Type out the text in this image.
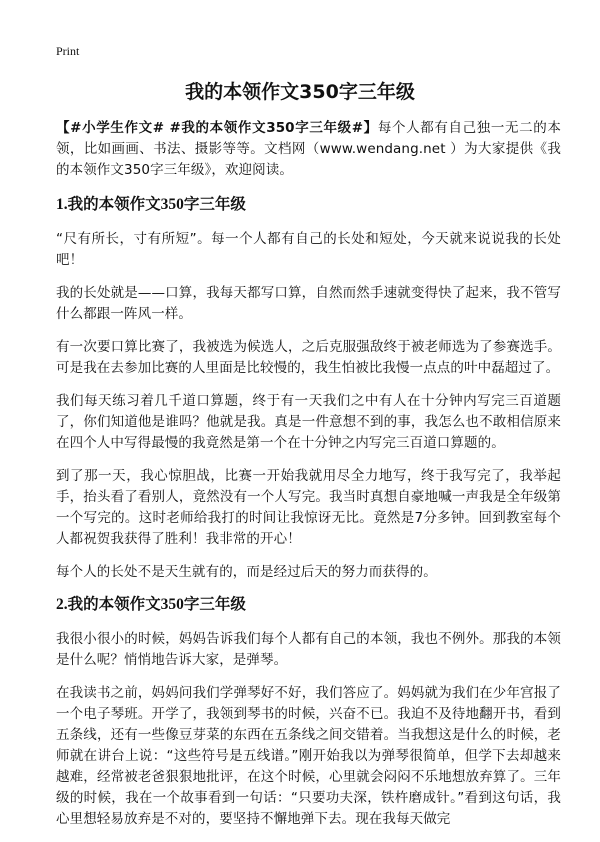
Print
我的本领作文350字三年级

【#小学生作文# #我的本领作文350字三年级#】每个人都有自己独一无二的本领，比如画画、书法、摄影等等。文档网（www.wendang.net ）为大家提供《我的本领作文350字三年级》，欢迎阅读。

1.我的本领作文350字三年级

“尺有所长，寸有所短”。每一个人都有自己的长处和短处，今天就来说说我的长处吧！

我的长处就是——口算，我每天都写口算，自然而然手速就变得快了起来，我不管写什么都跟一阵风一样。

有一次要口算比赛了，我被选为候选人，之后克服强敌终于被老师选为了参赛选手。可是我在去参加比赛的人里面是比较慢的，我生怕被比我慢一点点的叶中磊超过了。

我们每天练习着几千道口算题，终于有一天我们之中有人在十分钟内写完三百道题了，你们知道他是谁吗？他就是我。真是一件意想不到的事，我怎么也不敢相信原来在四个人中写得最慢的我竟然是第一个在十分钟之内写完三百道口算题的。

到了那一天，我心惊胆战，比赛一开始我就用尽全力地写，终于我写完了，我举起手，抬头看了看别人，竟然没有一个人写完。我当时真想自豪地喊一声我是全年级第一个写完的。这时老师给我打的时间让我惊讶无比。竟然是7分多钟。回到教室每个人都祝贺我获得了胜利！我非常的开心！

每个人的长处不是天生就有的，而是经过后天的努力而获得的。

2.我的本领作文350字三年级

我很小很小的时候，妈妈告诉我们每个人都有自己的本领，我也不例外。那我的本领是什么呢？悄悄地告诉大家，是弹琴。

在我读书之前，妈妈问我们学弹琴好不好，我们答应了。妈妈就为我们在少年宫报了一个电子琴班。开学了，我领到琴书的时候，兴奋不已。我迫不及待地翻开书，看到五条线，还有一些像豆芽菜的东西在五条线之间交错着。当我想这是什么的时候，老师就在讲台上说：“这些符号是五线谱。”刚开始我以为弹琴很简单，但学下去却越来越难，经常被老爸狠狠地批评，在这个时候，心里就会闷闷不乐地想放弃算了。三年级的时候，我在一个故事看到一句话：“只要功夫深，铁杵磨成针。”看到这句话，我心里想轻易放弃是不对的，要坚持不懈地弹下去。现在我每天做完
